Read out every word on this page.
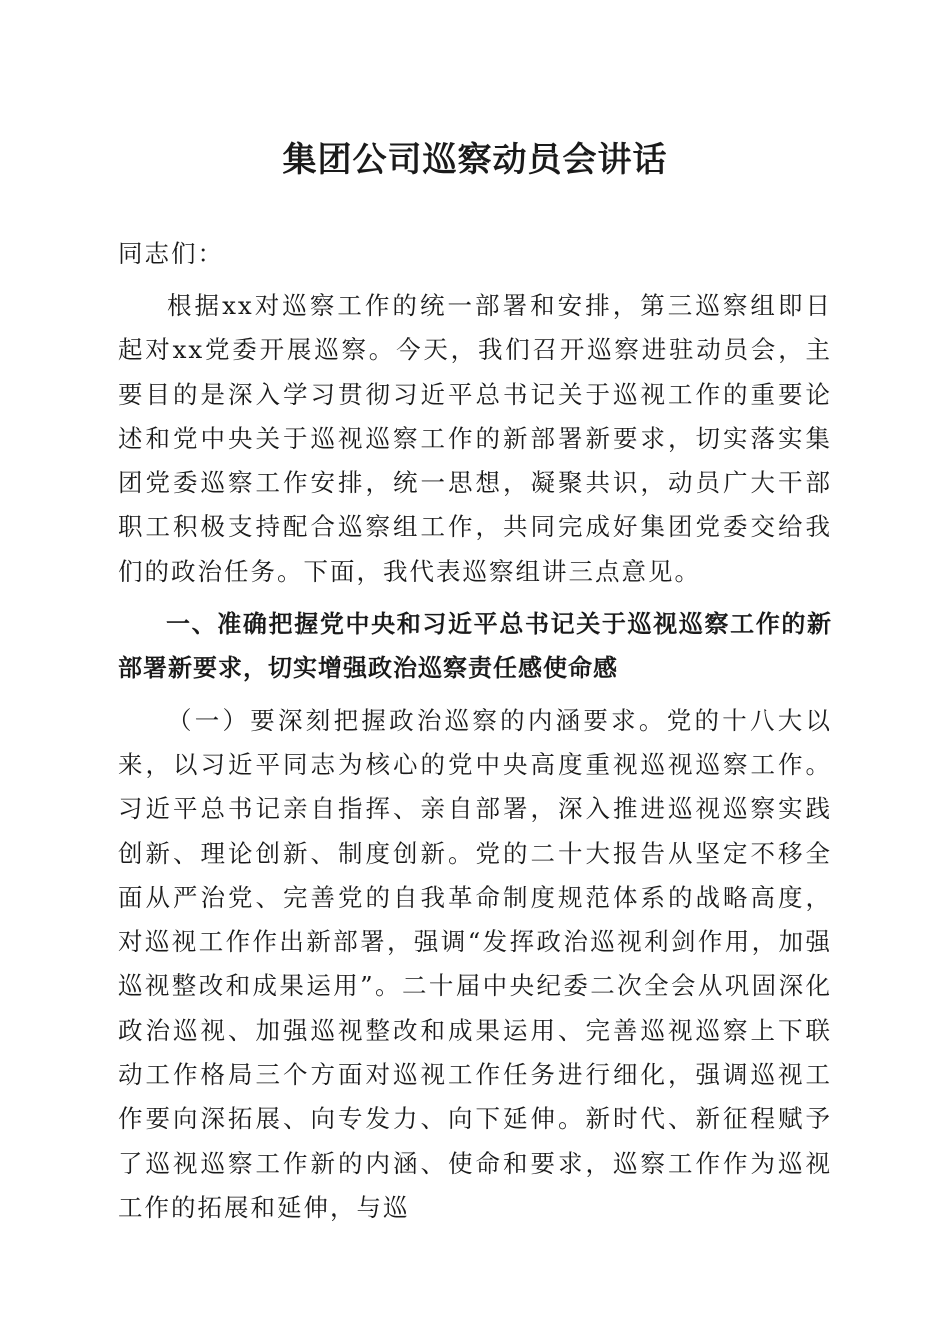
集团公司巡察动员会讲话

同志们：

根据xx对巡察工作的统一部署和安排，第三巡察组即日起对xx党委开展巡察。今天，我们召开巡察进驻动员会，主要目的是深入学习贯彻习近平总书记关于巡视工作的重要论述和党中央关于巡视巡察工作的新部署新要求，切实落实集团党委巡察工作安排，统一思想，凝聚共识，动员广大干部职工积极支持配合巡察组工作，共同完成好集团党委交给我们的政治任务。下面，我代表巡察组讲三点意见。

一、准确把握党中央和习近平总书记关于巡视巡察工作的新部署新要求，切实增强政治巡察责任感使命感

（一）要深刻把握政治巡察的内涵要求。党的十八大以来，以习近平同志为核心的党中央高度重视巡视巡察工作。习近平总书记亲自指挥、亲自部署，深入推进巡视巡察实践创新、理论创新、制度创新。党的二十大报告从坚定不移全面从严治党、完善党的自我革命制度规范体系的战略高度，对巡视工作作出新部署，强调“发挥政治巡视利剑作用，加强巡视整改和成果运用”。二十届中央纪委二次全会从巩固深化政治巡视、加强巡视整改和成果运用、完善巡视巡察上下联动工作格局三个方面对巡视工作任务进行细化，强调巡视工作要向深拓展、向专发力、向下延伸。新时代、新征程赋予了巡视巡察工作新的内涵、使命和要求，巡察工作作为巡视工作的拓展和延伸，与巡
